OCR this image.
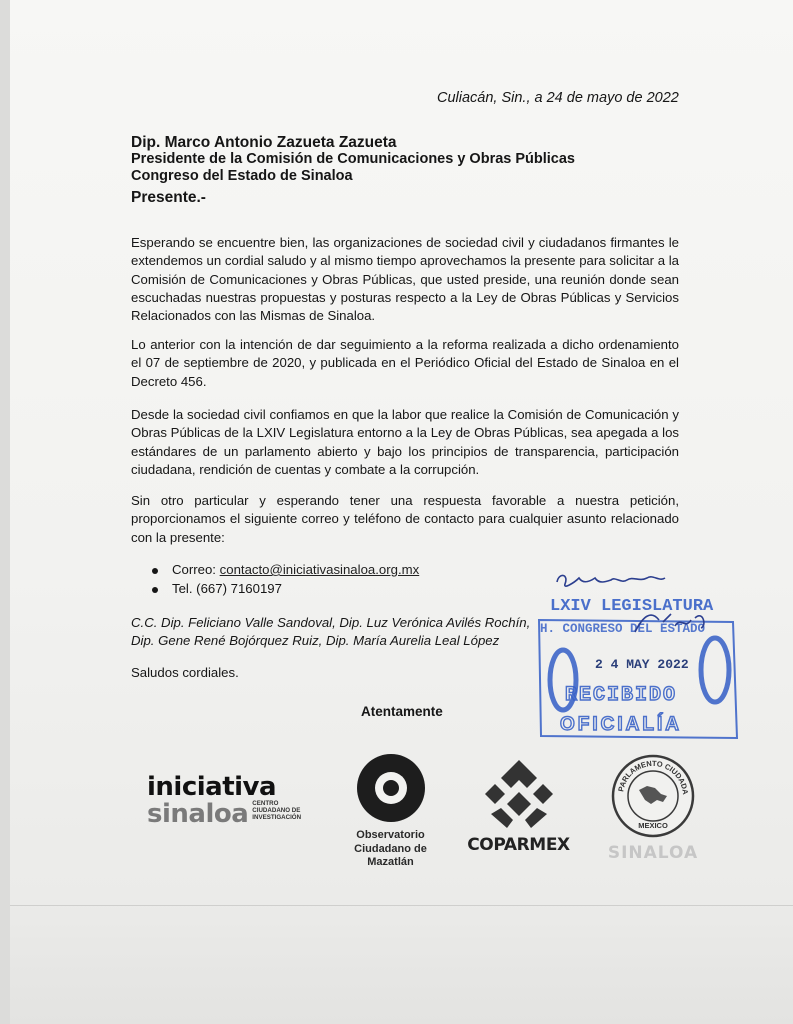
Culiacán, Sin., a 24 de mayo de 2022

Dip. Marco Antonio Zazueta Zazueta

Presidente de la Comisión de Comunicaciones y Obras Públicas

Congreso del Estado de Sinaloa

Presente.-

Esperando se encuentre bien, las organizaciones de sociedad civil y ciudadanos firmantes le extendemos un cordial saludo y al mismo tiempo aprovechamos la presente para solicitar a la Comisión de Comunicaciones y Obras Públicas, que usted preside, una reunión donde sean escuchadas nuestras propuestas y posturas respecto a la Ley de Obras Públicas y Servicios Relacionados con las Mismas de Sinaloa.

Lo anterior con la intención de dar seguimiento a la reforma realizada a dicho ordenamiento el 07 de septiembre de 2020, y publicada en el Periódico Oficial del Estado de Sinaloa en el Decreto 456.

Desde la sociedad civil confiamos en que la labor que realice la Comisión de Comunicación y Obras Públicas de la LXIV Legislatura entorno a la Ley de Obras Públicas, sea apegada a los estándares de un parlamento abierto y bajo los principios de transparencia, participación ciudadana, rendición de cuentas y combate a la corrupción.

Sin otro particular y esperando tener una respuesta favorable a nuestra petición, proporcionamos el siguiente correo y teléfono de contacto para cualquier asunto relacionado con la presente:

Correo: contacto@iniciativasinaloa.org.mx
Tel. (667) 7160197
C.C. Dip. Feliciano Valle Sandoval, Dip. Luz Verónica Avilés Rochín,
Dip. Gene René Bojórquez Ruiz, Dip. María Aurelia Leal López

Saludos cordiales.

Atentamente

LXIV LEGISLATURA
H. CONGRESO DEL ESTADO
2 4 MAY 2022
RECIBIDO
OFICIALÍA
iniciativa
sinaloa CENTRO
CIUDADANO DE
INVESTIGACIÓN
Observatorio
Ciudadano de
Mazatlán
COPARMEX
PARLAMENTO CIUDADA
MEXICO
SINALOA
